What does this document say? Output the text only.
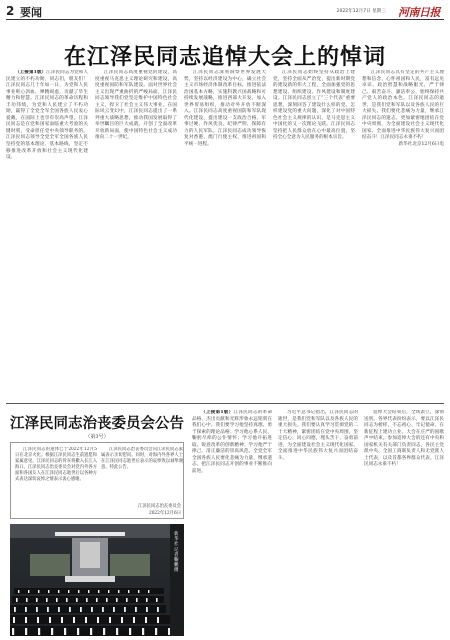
2 要闻	2022年12月7日 星期三 河南日报
在江泽民同志追悼大会上的悼词

（上接第1版）江泽民同志为党和人民建立的不朽功勋，同志们，朋友们！江泽民同志几十年如一日，为党和人民事业呕心沥血、殚精竭虑，贡献了毕生精力和智慧。江泽民同志的革命历程和丰功伟绩，为党和人民建立了不朽功勋，赢得了全党全军全国各族人民衷心爱戴，在国际上也享有崇高声望。江泽民同志是在党和国家面临重大考验的关键时刻，受命担任党中央领导职务的。江泽民同志领导全党全军全国各族人民坚持党的基本理论、基本路线，坚定不移推进改革开放和社会主义现代化建设。

江泽民同志高度重视党的建设，高度重视马克思主义理论研究和建设，高度重视国防和军队建设。面对世界社会主义出现严重曲折的严峻局面，江泽民同志领导我们党坚定维护中国特色社会主义，捍卫了社会主义伟大事业。在国际风云变幻中，江泽民同志提出了一系列重大战略思想，推动我国发展取得了举世瞩目的巨大成就，开创了全面改革开放新局面，使中国特色社会主义成功推向二十一世纪。

江泽民同志深刻洞察世界发展大势，坚持以经济建设为中心，确立社会主义市场经济体制改革目标，推进依法治国基本方略，实施科教兴国战略和可持续发展战略，推进西部大开发，加入世界贸易组织，推动对外开放不断深入。江泽民同志高度重视国防和军队现代化建设，提出建设一支政治合格、军事过硬、作风优良、纪律严明、保障有力的人民军队。江泽民同志成功领导恢复对香港、澳门行使主权，推进祖国和平统一进程。

江泽民同志始终坚持从政治上建党，坚持全面从严治党，提出新时期党的建设新的伟大工程，全面加强党的思想建设、组织建设、作风建设和制度建设。江泽民同志创立了“三个代表”重要思想，深刻回答了建设什么样的党、怎样建设党的重大问题，深化了对中国特色社会主义规律的认识，是马克思主义中国化的又一次理论飞跃。江泽民同志坚持把人民群众放在心中最高位置，坚持全心全意为人民服务的根本宗旨。

江泽民同志具有坚定的共产主义理想和信念，心怀祖国和人民，富有远见卓识、政治智慧和战略眼光，严于律己、艰苦奋斗、廉洁奉公，始终保持共产党人的政治本色。江泽民同志的逝世，是我们党和军队以及各族人民的巨大损失。我们要化悲痛为力量，继承江泽民同志的遗志，更加紧密地团结在党中央周围，为全面建设社会主义现代化国家、全面推进中华民族伟大复兴而团结奋斗！江泽民同志永垂不朽！

新华社北京12月6日电

江泽民同志治丧委员会公告
（第3号）

江泽民同志的遗体已于2022年12月5日在北京火化。根据江泽民同志生前遗愿和家属意见，江泽民同志的骨灰将撒入长江入海口。江泽民同志治丧委员会对党内外各方面和各国友人在江泽民同志逝世后以各种方式表达深切哀悼之情表示衷心感谢。

江泽民同志治丧委员会向江泽民同志家属表示亲切慰问。同时，对海内外各界人士在江泽民同志逝世后表示的哀悼致以诚挚谢意。特此公告。

江泽民同志治丧委员会
2022年12月6日
新华社记者 鞠鹏 摄

（上接第1版）江泽民同志的革命品格、杰出贡献和光辉形象永远铭刻在我们心中。我们要学习他坚持真理、勇于探索的理论品格；学习他心系人民、鞠躬尽瘁的公仆情怀；学习他开拓进取、锐意改革的创新精神；学习他严于律己、清正廉洁的崇高风范。全党全军全国各族人民要化悲痛为力量，继承遗志，把江泽民同志开创的事业不断推向前进。

习近平总书记指出，江泽民同志的逝世，是我们党和军队以及各族人民的重大损失。我们要认真学习贯彻党的二十大精神，紧密团结在党中央周围，坚定信心、同心同德，埋头苦干、奋勇前进，为全面建设社会主义现代化国家、全面推进中华民族伟大复兴而团结奋斗。

追悼大会结束后，全场肃立，深情送别。各界代表纷纷表示，要以江泽民同志为榜样，不忘初心、牢记使命，在新征程上建功立业。大会在庄严的国歌声中结束。参加追悼大会的还有中央和国家机关有关部门负责同志，各民主党派中央、全国工商联负责人和无党派人士代表，以及首都各界群众代表。江泽民同志永垂不朽！
